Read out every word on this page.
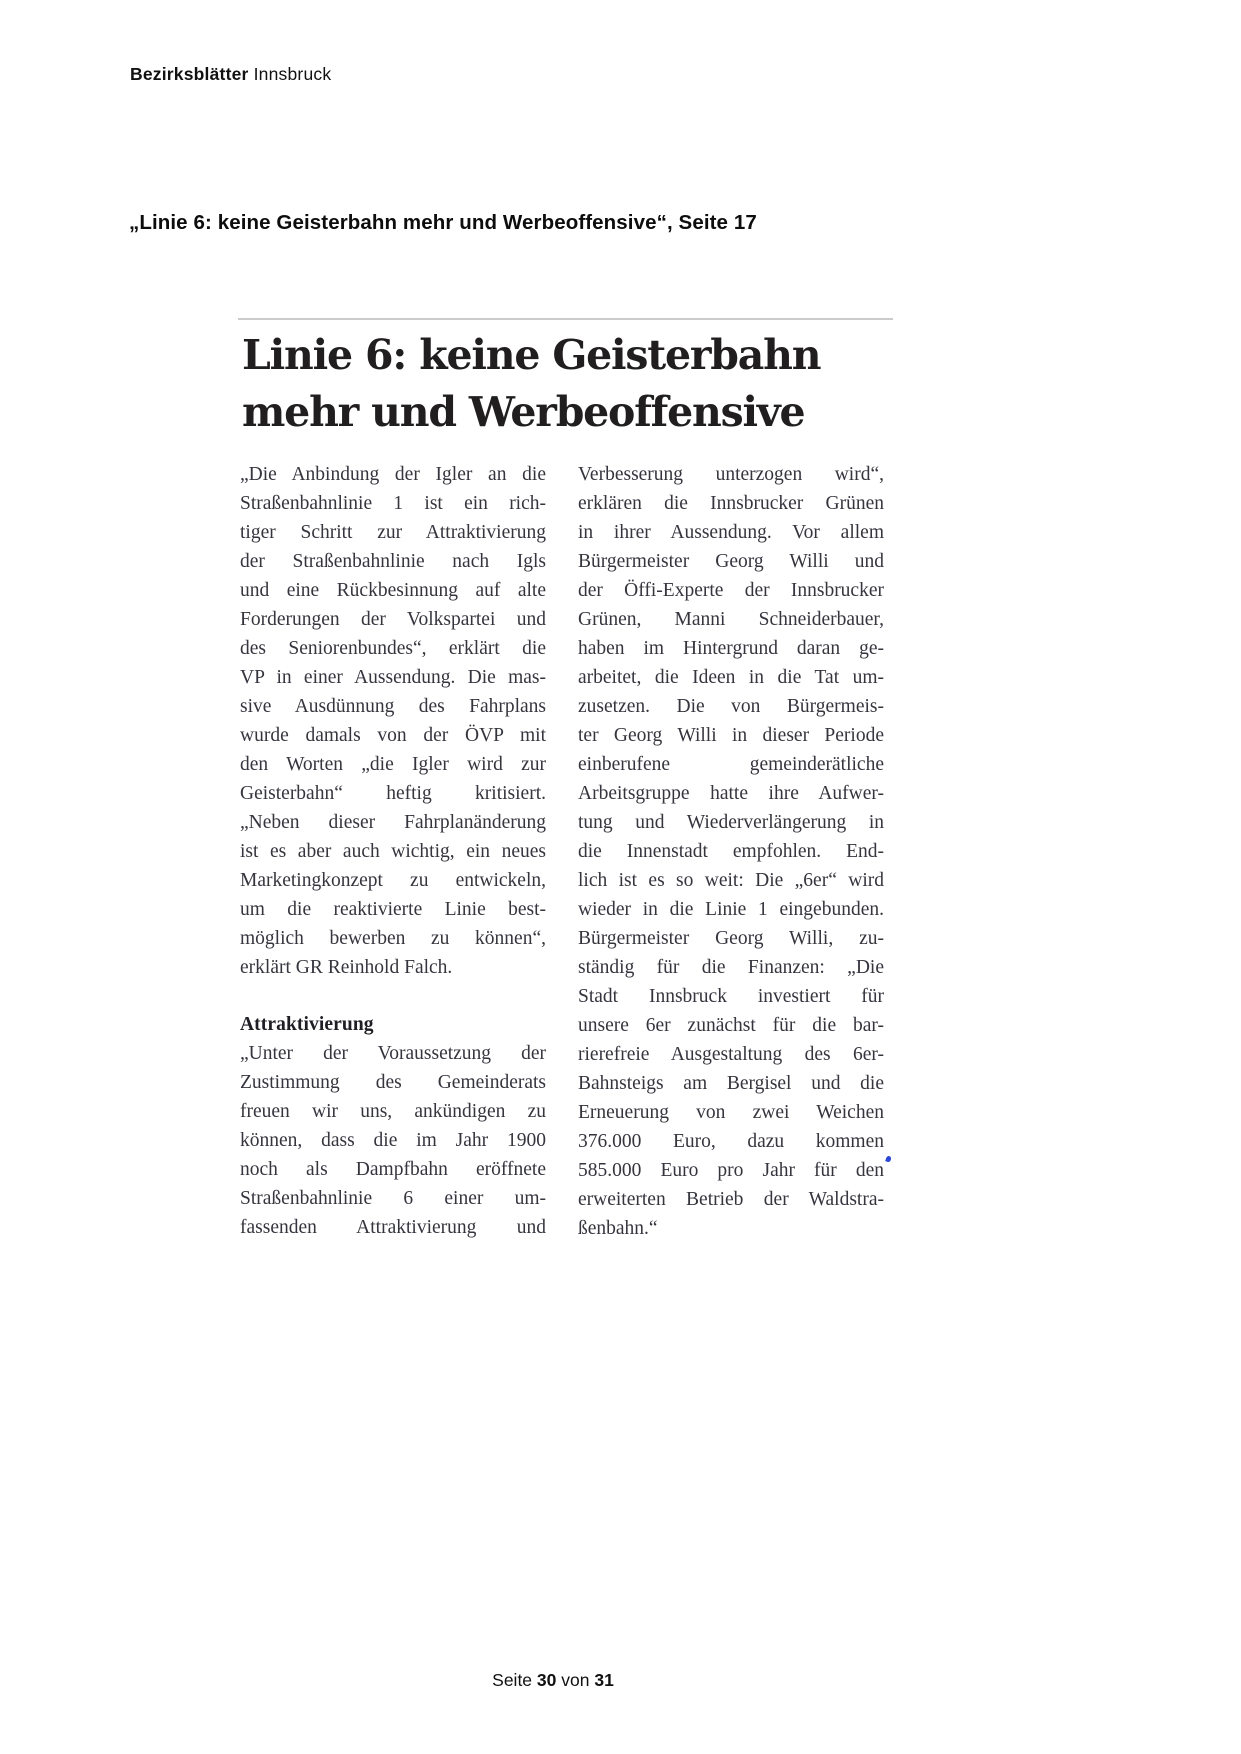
Bezirksblätter Innsbruck
„Linie 6: keine Geisterbahn mehr und Werbeoffensive“, Seite 17
Linie 6: keine Geisterbahn
mehr und Werbeoffensive
„Die Anbindung der Igler an die
Straßenbahnlinie 1 ist ein rich-
tiger Schritt zur Attraktivierung
der Straßenbahnlinie nach Igls
und eine Rückbesinnung auf alte
Forderungen der Volkspartei und
des Seniorenbundes“, erklärt die
VP in einer Aussendung. Die mas-
sive Ausdünnung des Fahrplans
wurde damals von der ÖVP mit
den Worten „die Igler wird zur
Geisterbahn“ heftig kritisiert.
„Neben dieser Fahrplanänderung
ist es aber auch wichtig, ein neues
Marketingkonzept zu entwickeln,
um die reaktivierte Linie best-
möglich bewerben zu können“,
erklärt GR Reinhold Falch.
Attraktivierung
„Unter der Voraussetzung der
Zustimmung des Gemeinderats
freuen wir uns, ankündigen zu
können, dass die im Jahr 1900
noch als Dampfbahn eröffnete
Straßenbahnlinie 6 einer um-
fassenden Attraktivierung und
Verbesserung unterzogen wird“,
erklären die Innsbrucker Grünen
in ihrer Aussendung. Vor allem
Bürgermeister Georg Willi und
der Öffi-Experte der Innsbrucker
Grünen, Manni Schneiderbauer,
haben im Hintergrund daran ge-
arbeitet, die Ideen in die Tat um-
zusetzen. Die von Bürgermeis-
ter Georg Willi in dieser Periode
einberufene gemeinderätliche
Arbeitsgruppe hatte ihre Aufwer-
tung und Wiederverlängerung in
die Innenstadt empfohlen. End-
lich ist es so weit: Die „6er“ wird
wieder in die Linie 1 eingebunden.
Bürgermeister Georg Willi, zu-
ständig für die Finanzen: „Die
Stadt Innsbruck investiert für
unsere 6er zunächst für die bar-
rierefreie Ausgestaltung des 6er-
Bahnsteigs am Bergisel und die
Erneuerung von zwei Weichen
376.000 Euro, dazu kommen
585.000 Euro pro Jahr für den
erweiterten Betrieb der Waldstra-
ßenbahn.“
Seite 30 von 31
